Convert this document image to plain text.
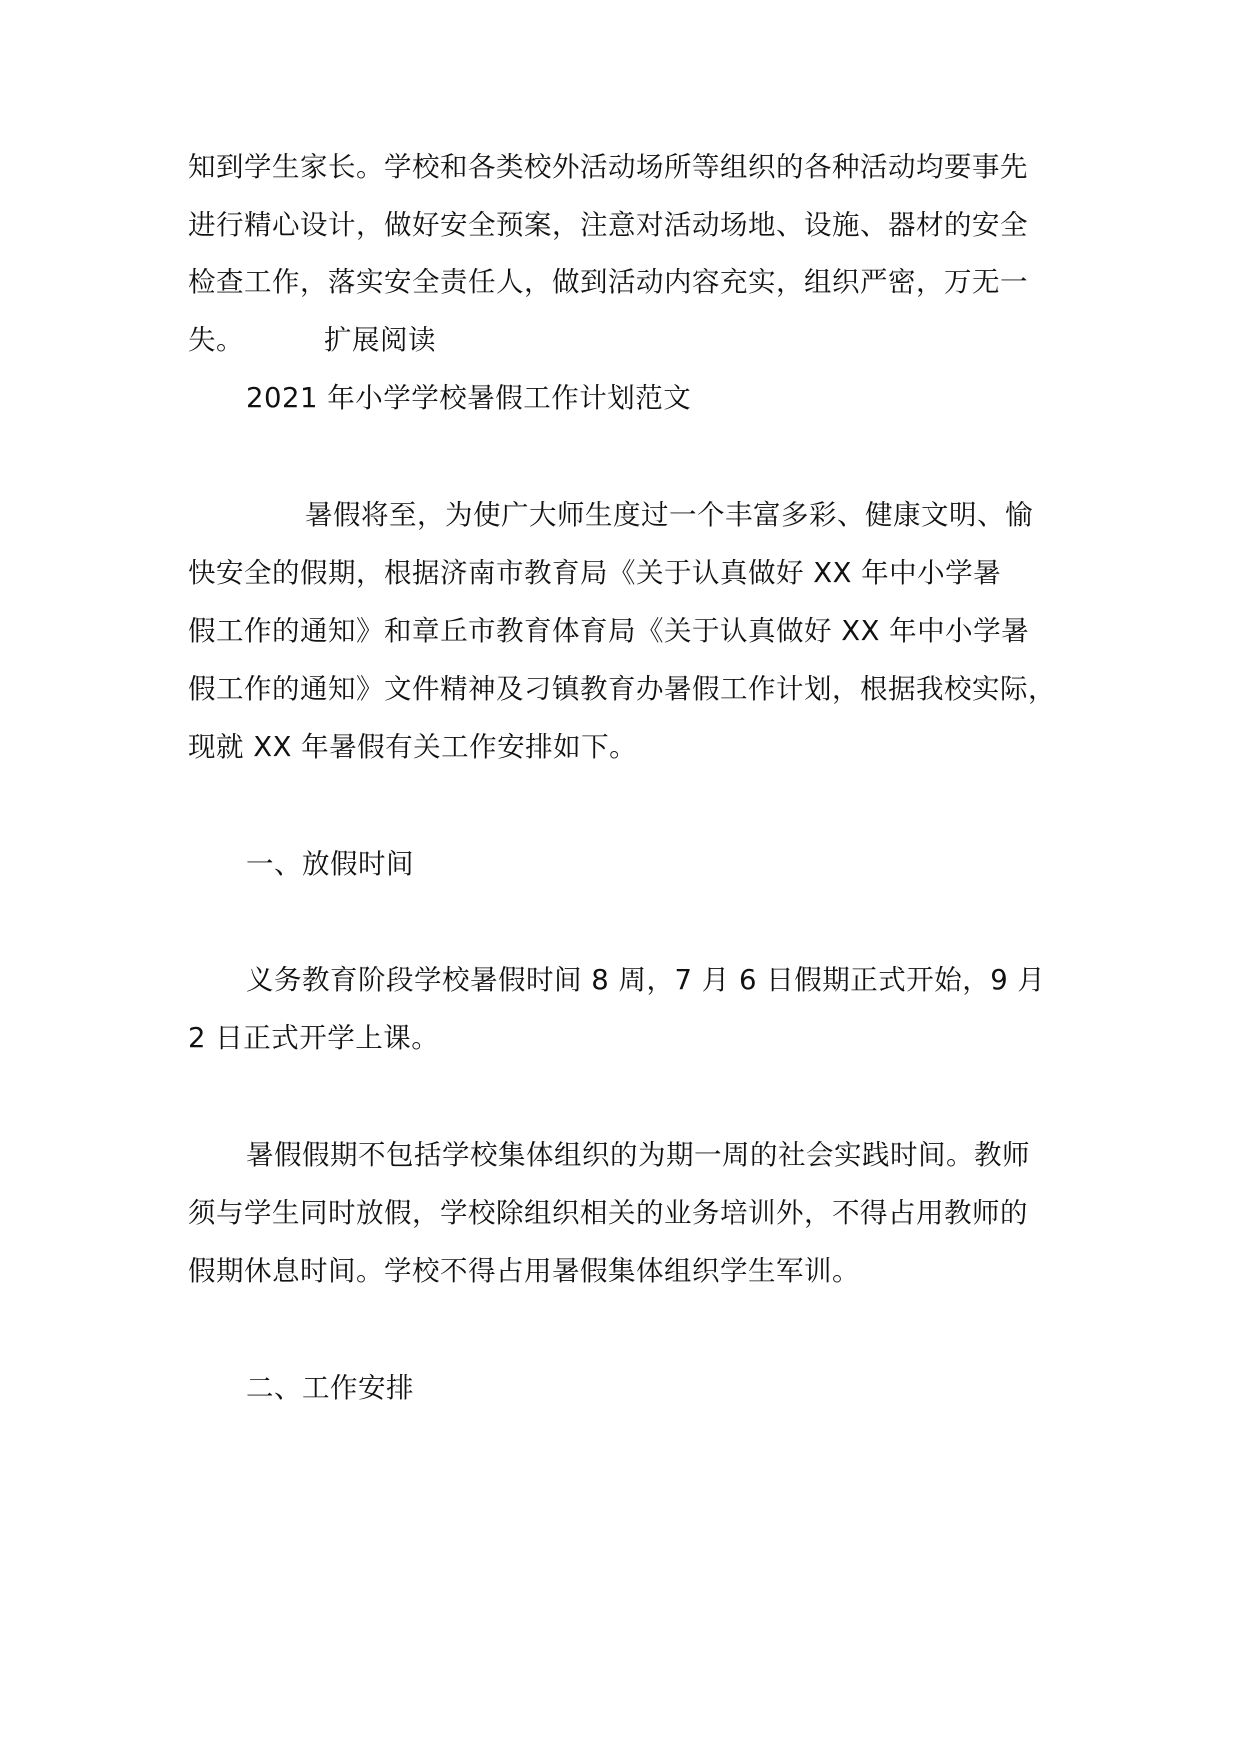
知到学生家长。学校和各类校外活动场所等组织的各种活动均要事先
进行精心设计，做好安全预案，注意对活动场地、设施、器材的安全
检查工作，落实安全责任人，做到活动内容充实，组织严密，万无一
失。	扩展阅读
2021 年小学学校暑假工作计划范文
暑假将至，为使广大师生度过一个丰富多彩、健康文明、愉
快安全的假期，根据济南市教育局《关于认真做好 XX 年中小学暑
假工作的通知》和章丘市教育体育局《关于认真做好 XX 年中小学暑
假工作的通知》文件精神及刁镇教育办暑假工作计划，根据我校实际，
现就 XX 年暑假有关工作安排如下。
一、放假时间
义务教育阶段学校暑假时间 8 周，7 月 6 日假期正式开始，9 月
2 日正式开学上课。
暑假假期不包括学校集体组织的为期一周的社会实践时间。教师
须与学生同时放假，学校除组织相关的业务培训外，不得占用教师的
假期休息时间。学校不得占用暑假集体组织学生军训。
二、工作安排
